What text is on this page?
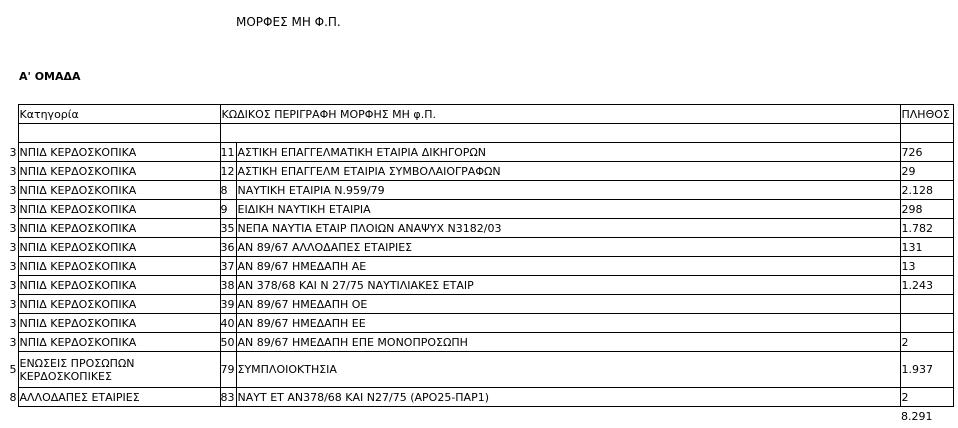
ΜΟΡΦΕΣ ΜΗ Φ.Π.
Α' ΟΜΑΔΑ
	Κατηγορία	ΚΩΔΙΚΟΣ ΠΕΡΙΓΡΑΦΗ ΜΟΡΦΗΣ ΜΗ φ.Π.		ΠΛΗΘΟΣ

3	ΝΠΙΔ ΚΕΡΔΟΣΚΟΠΙΚΑ	11	ΑΣΤΙΚΗ ΕΠΑΓΓΕΛΜΑΤΙΚΗ ΕΤΑΙΡΙΑ ΔΙΚΗΓΟΡΩΝ	726
3	ΝΠΙΔ ΚΕΡΔΟΣΚΟΠΙΚΑ	12	ΑΣΤΙΚΗ ΕΠΑΓΓΕΛΜ ΕΤΑΙΡΙΑ ΣΥΜΒΟΛΑΙΟΓΡΑΦΩΝ	29
3	ΝΠΙΔ ΚΕΡΔΟΣΚΟΠΙΚΑ	8	ΝΑΥΤΙΚΗ ΕΤΑΙΡΙΑ Ν.959/79	2.128
3	ΝΠΙΔ ΚΕΡΔΟΣΚΟΠΙΚΑ	9	ΕΙΔΙΚΗ ΝΑΥΤΙΚΗ ΕΤΑΙΡΙΑ	298
3	ΝΠΙΔ ΚΕΡΔΟΣΚΟΠΙΚΑ	35	ΝΕΠΑ ΝΑΥΤΙΑ ΕΤΑΙΡ ΠΛΟΙΩΝ ΑΝΑΨΥΧ Ν3182/03	1.782
3	ΝΠΙΔ ΚΕΡΔΟΣΚΟΠΙΚΑ	36	ΑΝ 89/67 ΑΛΛΟΔΑΠΕΣ ΕΤΑΙΡΙΕΣ	131
3	ΝΠΙΔ ΚΕΡΔΟΣΚΟΠΙΚΑ	37	ΑΝ 89/67 ΗΜΕΔΑΠΗ ΑΕ	13
3	ΝΠΙΔ ΚΕΡΔΟΣΚΟΠΙΚΑ	38	ΑΝ 378/68 ΚΑΙ Ν 27/75 ΝΑΥΤΙΛΙΑΚΕΣ ΕΤΑΙΡ	1.243
3	ΝΠΙΔ ΚΕΡΔΟΣΚΟΠΙΚΑ	39	ΑΝ 89/67 ΗΜΕΔΑΠΗ ΟΕ	
3	ΝΠΙΔ ΚΕΡΔΟΣΚΟΠΙΚΑ	40	ΑΝ 89/67 ΗΜΕΔΑΠΗ ΕΕ	
3	ΝΠΙΔ ΚΕΡΔΟΣΚΟΠΙΚΑ	50	ΑΝ 89/67 ΗΜΕΔΑΠΗ ΕΠΕ ΜΟΝΟΠΡΟΣΩΠΗ	2
5	ΕΝΩΣΕΙΣ ΠΡΟΣΩΠΩΝ ΚΕΡΔΟΣΚΟΠΙΚΕΣ	79	ΣΥΜΠΛΟΙΟΚΤΗΣΙΑ	1.937
8	ΑΛΛΟΔΑΠΕΣ ΕΤΑΙΡΙΕΣ	83	ΝΑΥΤ ΕΤ ΑΝ378/68 ΚΑΙ Ν27/75 (ΑΡΟ25-ΠΑΡ1)	2
				8.291
